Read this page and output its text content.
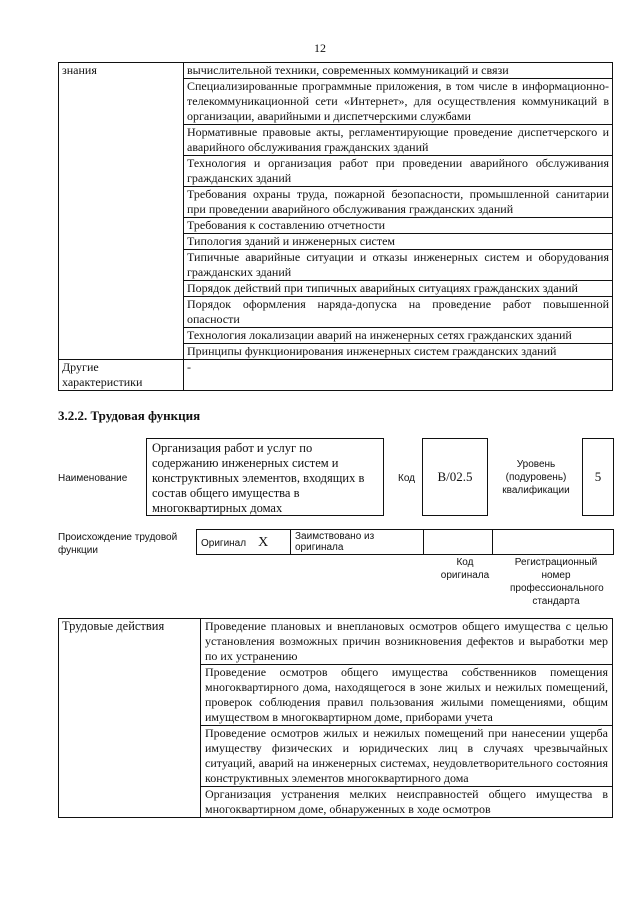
12
знания	вычислительной техники, современных коммуникаций и связи
	Специализированные программные приложения, в том числе в информационно-телекоммуникационной сети «Интернет», для осуществления коммуникаций в организации, аварийными и диспетчерскими службами
	Нормативные правовые акты, регламентирующие проведение диспетчерского и аварийного обслуживания гражданских зданий
	Технология и организация работ при проведении аварийного обслуживания гражданских зданий
	Требования охраны труда, пожарной безопасности, промышленной санитарии при проведении аварийного обслуживания гражданских зданий
	Требования к составлению отчетности
	Типология зданий и инженерных систем
	Типичные аварийные ситуации и отказы инженерных систем и оборудования гражданских зданий
	Порядок действий при типичных аварийных ситуациях гражданских зданий
	Порядок оформления наряда-допуска на проведение работ повышенной опасности
	Технология локализации аварий на инженерных сетях гражданских зданий
	Принципы функционирования инженерных систем гражданских зданий
Другие характеристики	-
3.2.2. Трудовая функция
Наименование
Организация работ и услуг по содержанию инженерных систем и конструктивных элементов, входящих в состав общего имущества в многоквартирных домах
Код	B/02.5
Уровень (подуровень) квалификации
5
Происхождение трудовой функции
Оригинал X	Заимствовано из оригинала		
Код оригинала
Регистрационный номер профессионального стандарта
Трудовые действия	Проведение плановых и внеплановых осмотров общего имущества с целью установления возможных причин возникновения дефектов и выработки мер по их устранению
Проведение осмотров общего имущества собственников помещения многоквартирного дома, находящегося в зоне жилых и нежилых помещений, проверок соблюдения правил пользования жилыми помещениями, общим имуществом в многоквартирном доме, приборами учета
Проведение осмотров жилых и нежилых помещений при нанесении ущерба имуществу физических и юридических лиц в случаях чрезвычайных ситуаций, аварий на инженерных системах, неудовлетворительного состояния конструктивных элементов многоквартирного дома
Организация устранения мелких неисправностей общего имущества в многоквартирном доме, обнаруженных в ходе осмотров
